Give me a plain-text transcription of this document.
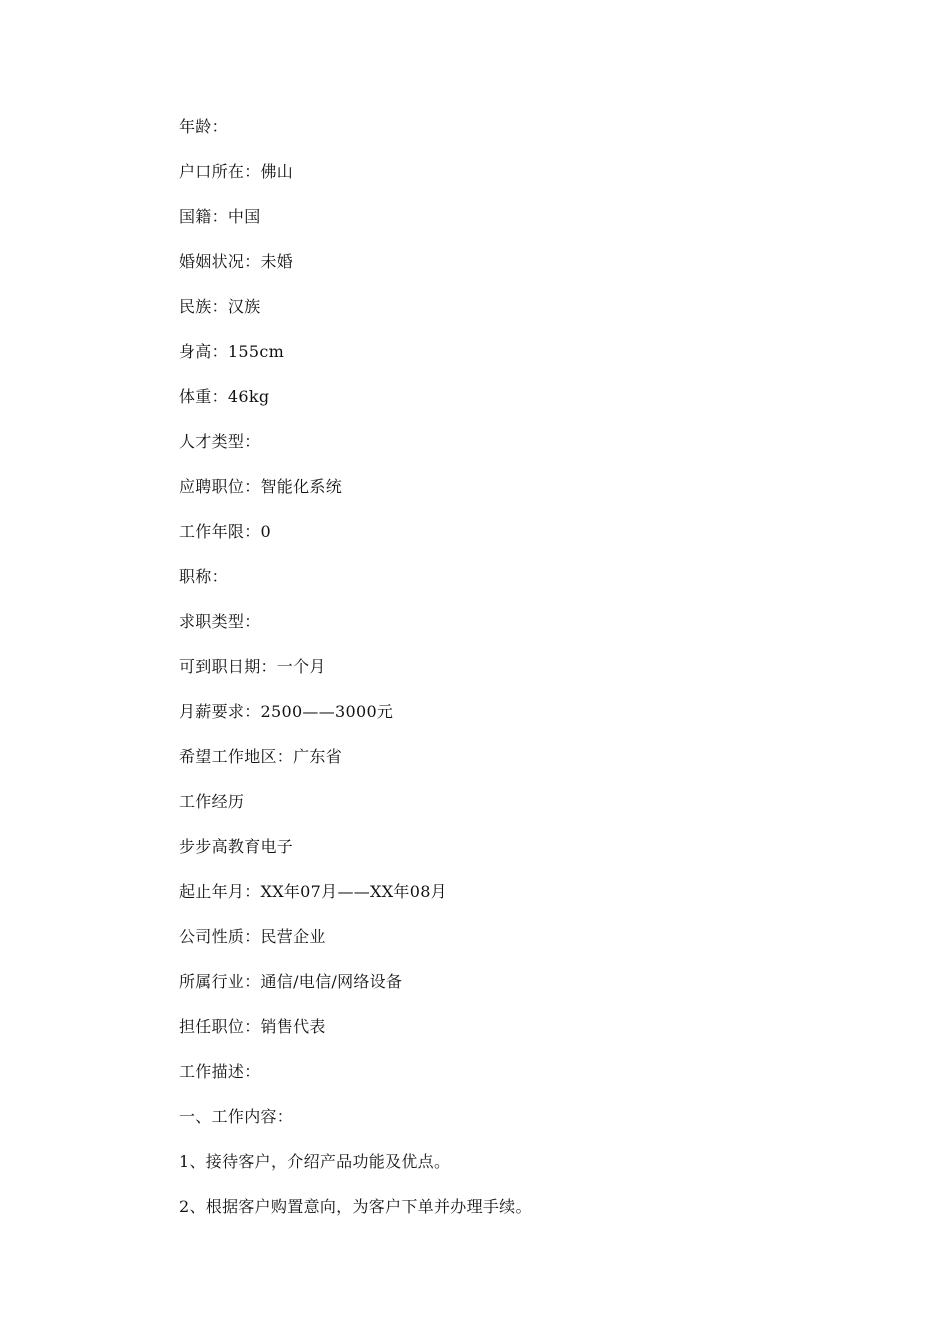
年龄：
户口所在：佛山
国籍：中国
婚姻状况：未婚
民族：汉族
身高：155cm
体重：46kg
人才类型：
应聘职位：智能化系统
工作年限：0
职称：
求职类型：
可到职日期：一个月
月薪要求：2500——3000元
希望工作地区：广东省
工作经历
步步高教育电子
起止年月：XX年07月——XX年08月
公司性质：民营企业
所属行业：通信/电信/网络设备
担任职位：销售代表
工作描述：
一、工作内容：
1、接待客户，介绍产品功能及优点。
2、根据客户购置意向，为客户下单并办理手续。
